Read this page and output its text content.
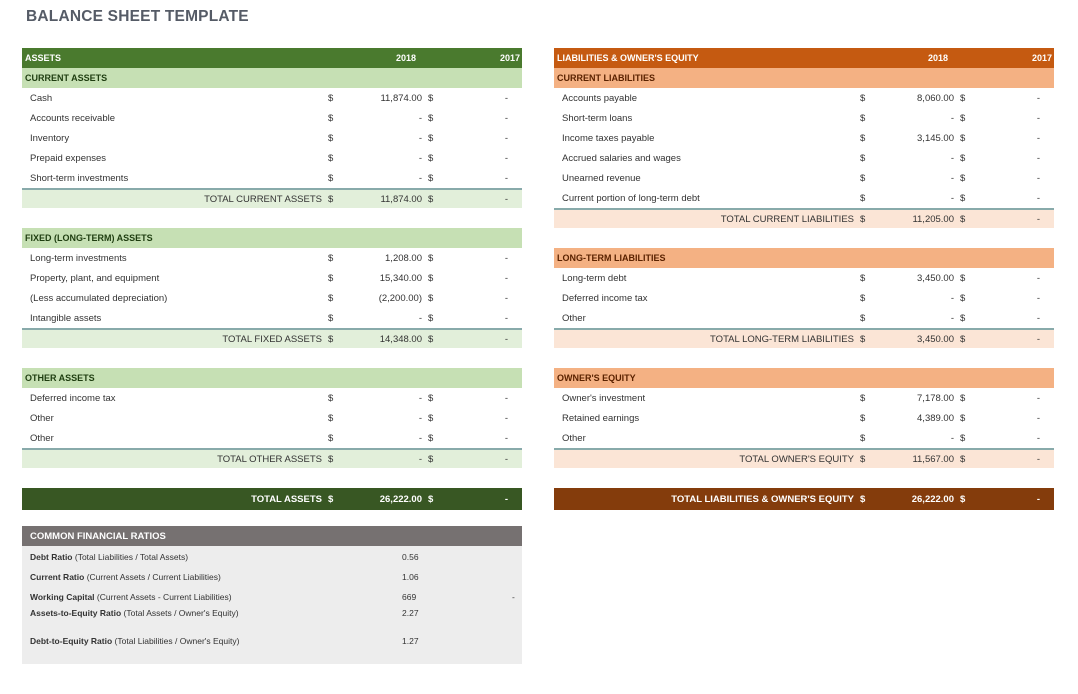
BALANCE SHEET TEMPLATE
ASSETS	2018	2017
CURRENT ASSETS
Cash	$	11,874.00 $	-
Accounts receivable	$	- $	-
Inventory	$	- $	-
Prepaid expenses	$	- $	-
Short-term investments	$	- $	-
TOTAL CURRENT ASSETS $	11,874.00 $	-
FIXED (LONG-TERM) ASSETS
Long-term investments	$	1,208.00 $	-
Property, plant, and equipment	$	15,340.00 $	-
(Less accumulated depreciation)	$	(2,200.00) $	-
Intangible assets	$	- $	-
TOTAL FIXED ASSETS $	14,348.00 $	-
OTHER ASSETS
Deferred income tax	$	- $	-
Other	$	- $	-
Other	$	- $	-
TOTAL OTHER ASSETS $	- $	-
TOTAL ASSETS $	26,222.00 $	-
LIABILITIES & OWNER'S EQUITY	2018	2017
CURRENT LIABILITIES
Accounts payable	$	8,060.00 $	-
Short-term loans	$	- $	-
Income taxes payable	$	3,145.00 $	-
Accrued salaries and wages	$	- $	-
Unearned revenue	$	- $	-
Current portion of long-term debt	$	- $	-
TOTAL CURRENT LIABILITIES $	11,205.00 $	-
LONG-TERM LIABILITIES
Long-term debt	$	3,450.00 $	-
Deferred income tax	$	- $	-
Other	$	- $	-
TOTAL LONG-TERM LIABILITIES $	3,450.00 $	-
OWNER'S EQUITY
Owner's investment	$	7,178.00 $	-
Retained earnings	$	4,389.00 $	-
Other	$	- $	-
TOTAL OWNER'S EQUITY $	11,567.00 $	-
TOTAL LIABILITIES & OWNER'S EQUITY $	26,222.00 $	-
COMMON FINANCIAL RATIOS
Debt Ratio (Total Liabilities / Total Assets)	0.56
Current Ratio (Current Assets / Current Liabilities)	1.06
Working Capital (Current Assets - Current Liabilities)	669	-
Assets-to-Equity Ratio (Total Assets / Owner's Equity)	2.27
Debt-to-Equity Ratio (Total Liabilities / Owner's Equity)	1.27
